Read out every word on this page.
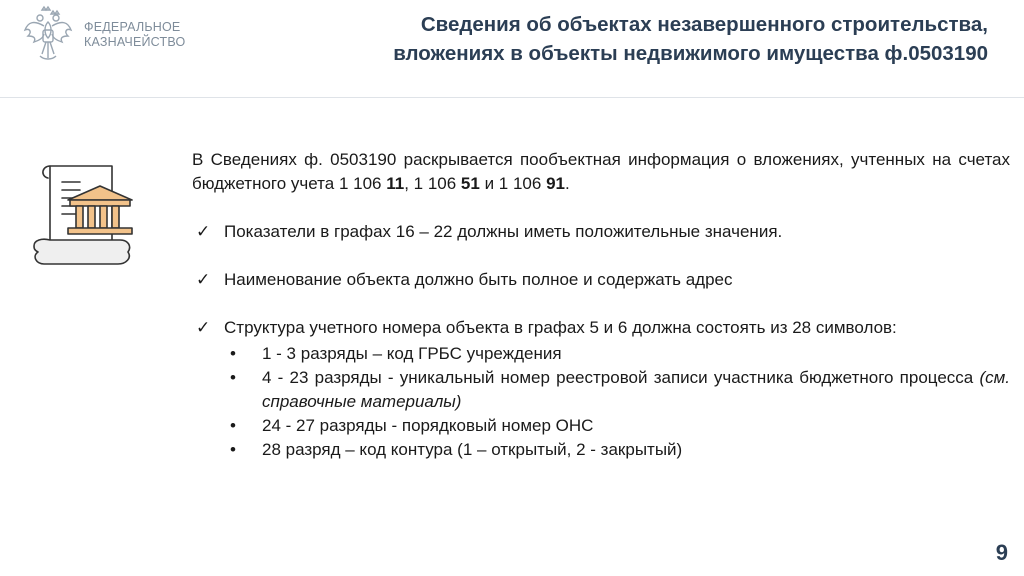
ФЕДЕРАЛЬНОЕ
КАЗНАЧЕЙСТВО
Сведения об объектах незавершенного строительства,
вложениях в объекты недвижимого имущества ф.0503190

В Сведениях ф. 0503190 раскрывается пообъектная информация о вложениях, учтенных на счетах бюджетного учета 1 106 11, 1 106 51 и 1 106 91.

✓ Показатели в графах 16 – 22 должны иметь положительные значения.
✓ Наименование объекта должно быть полное и содержать адрес
✓ Структура учетного номера объекта в графах 5 и 6 должна состоять из 28 символов:
• 1 - 3 разряды – код ГРБС учреждения
• 4 - 23 разряды - уникальный номер реестровой записи участника бюджетного процесса (см. справочные материалы)
• 24 - 27 разряды - порядковый номер ОНС
• 28 разряд – код контура (1 – открытый, 2 - закрытый)
9
